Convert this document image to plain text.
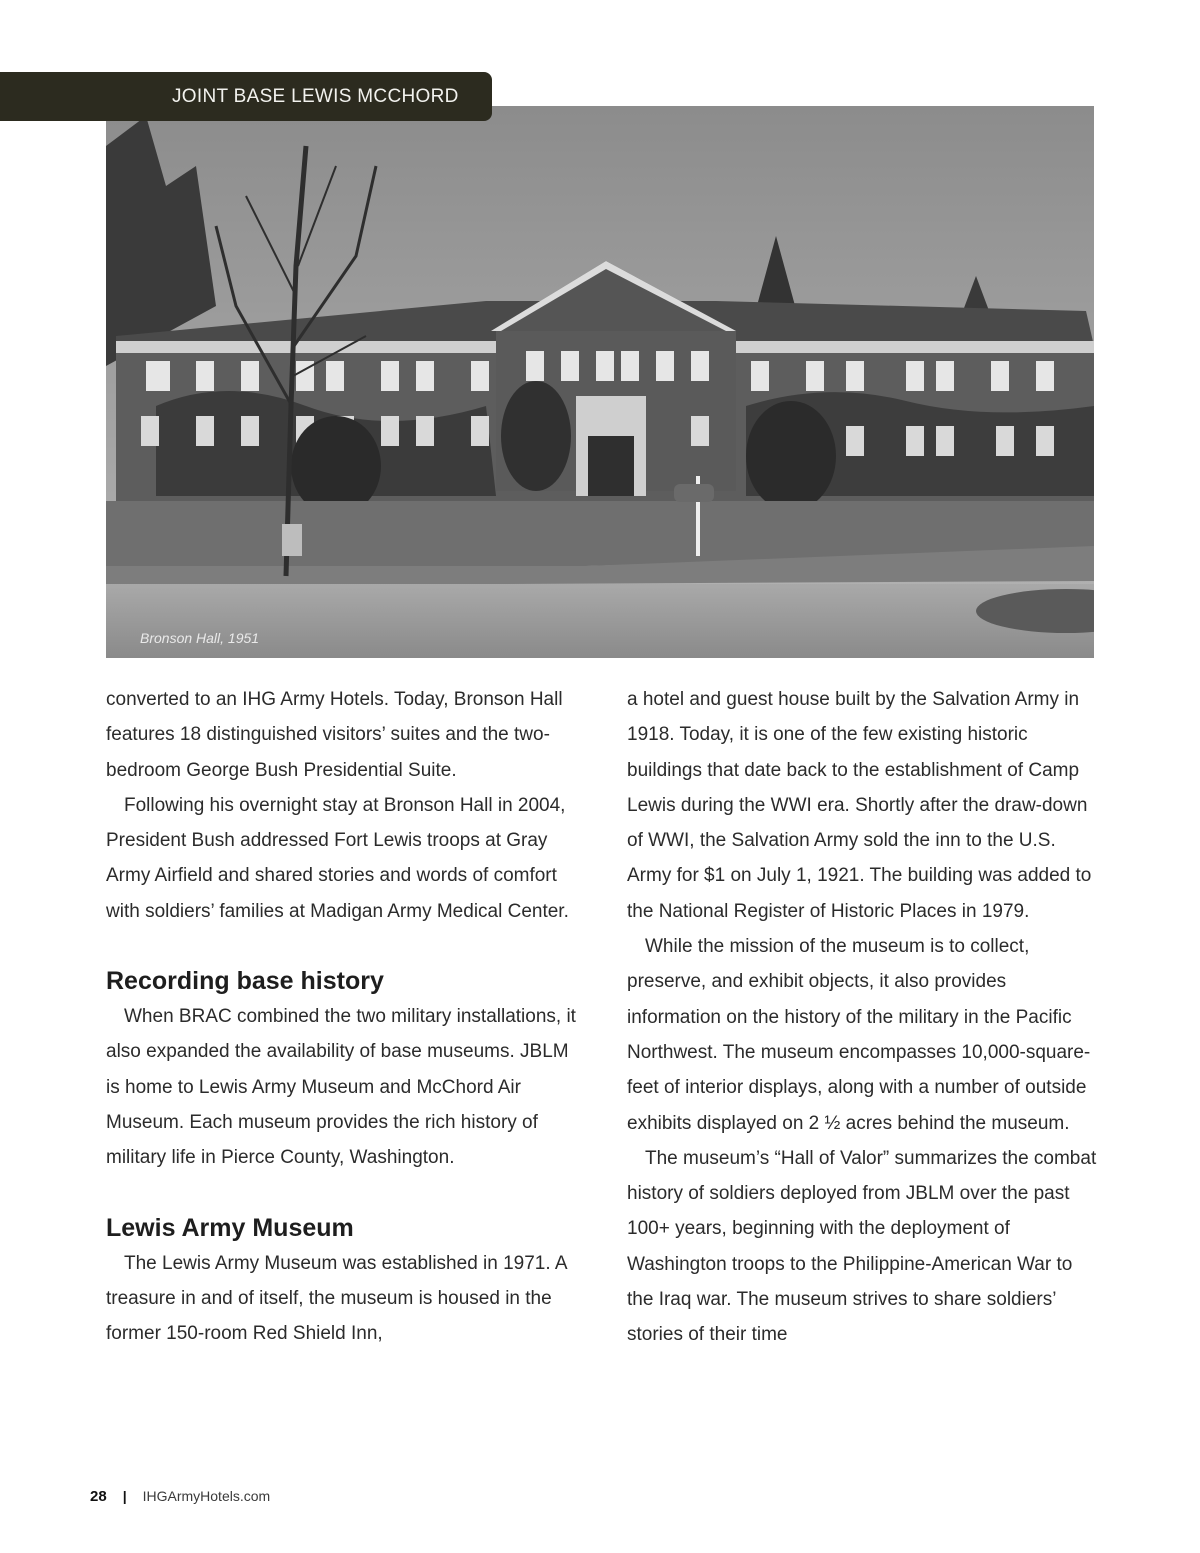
JOINT BASE LEWIS MCCHORD
Bronson Hall, 1951

converted to an IHG Army Hotels. Today, Bronson Hall features 18 distinguished visitors’ suites and the two-bedroom George Bush Presidential Suite.

Following his overnight stay at Bronson Hall in 2004, President Bush addressed Fort Lewis troops at Gray Army Airfield and shared stories and words of comfort with soldiers’ families at Madigan Army Medical Center.

Recording base history

When BRAC combined the two military installations, it also expanded the availability of base museums. JBLM is home to Lewis Army Museum and McChord Air Museum. Each museum provides the rich history of military life in Pierce County, Washington.

Lewis Army Museum

The Lewis Army Museum was established in 1971. A treasure in and of itself, the museum is housed in the former 150-room Red Shield Inn,

a hotel and guest house built by the Salvation Army in 1918. Today, it is one of the few existing historic buildings that date back to the establishment of Camp Lewis during the WWI era. Shortly after the draw-down of WWI, the Salvation Army sold the inn to the U.S. Army for $1 on July 1, 1921. The building was added to the National Register of Historic Places in 1979.

While the mission of the museum is to collect, preserve, and exhibit objects, it also provides information on the history of the military in the Pacific Northwest. The museum encompasses 10,000-square-feet of interior displays, along with a number of outside exhibits displayed on 2 ½ acres behind the museum.

The museum’s “Hall of Valor” summarizes the combat history of soldiers deployed from JBLM over the past 100+ years, beginning with the deployment of Washington troops to the Philippine-American War to the Iraq war. The museum strives to share soldiers’ stories of their time

28 | IHGArmyHotels.com
